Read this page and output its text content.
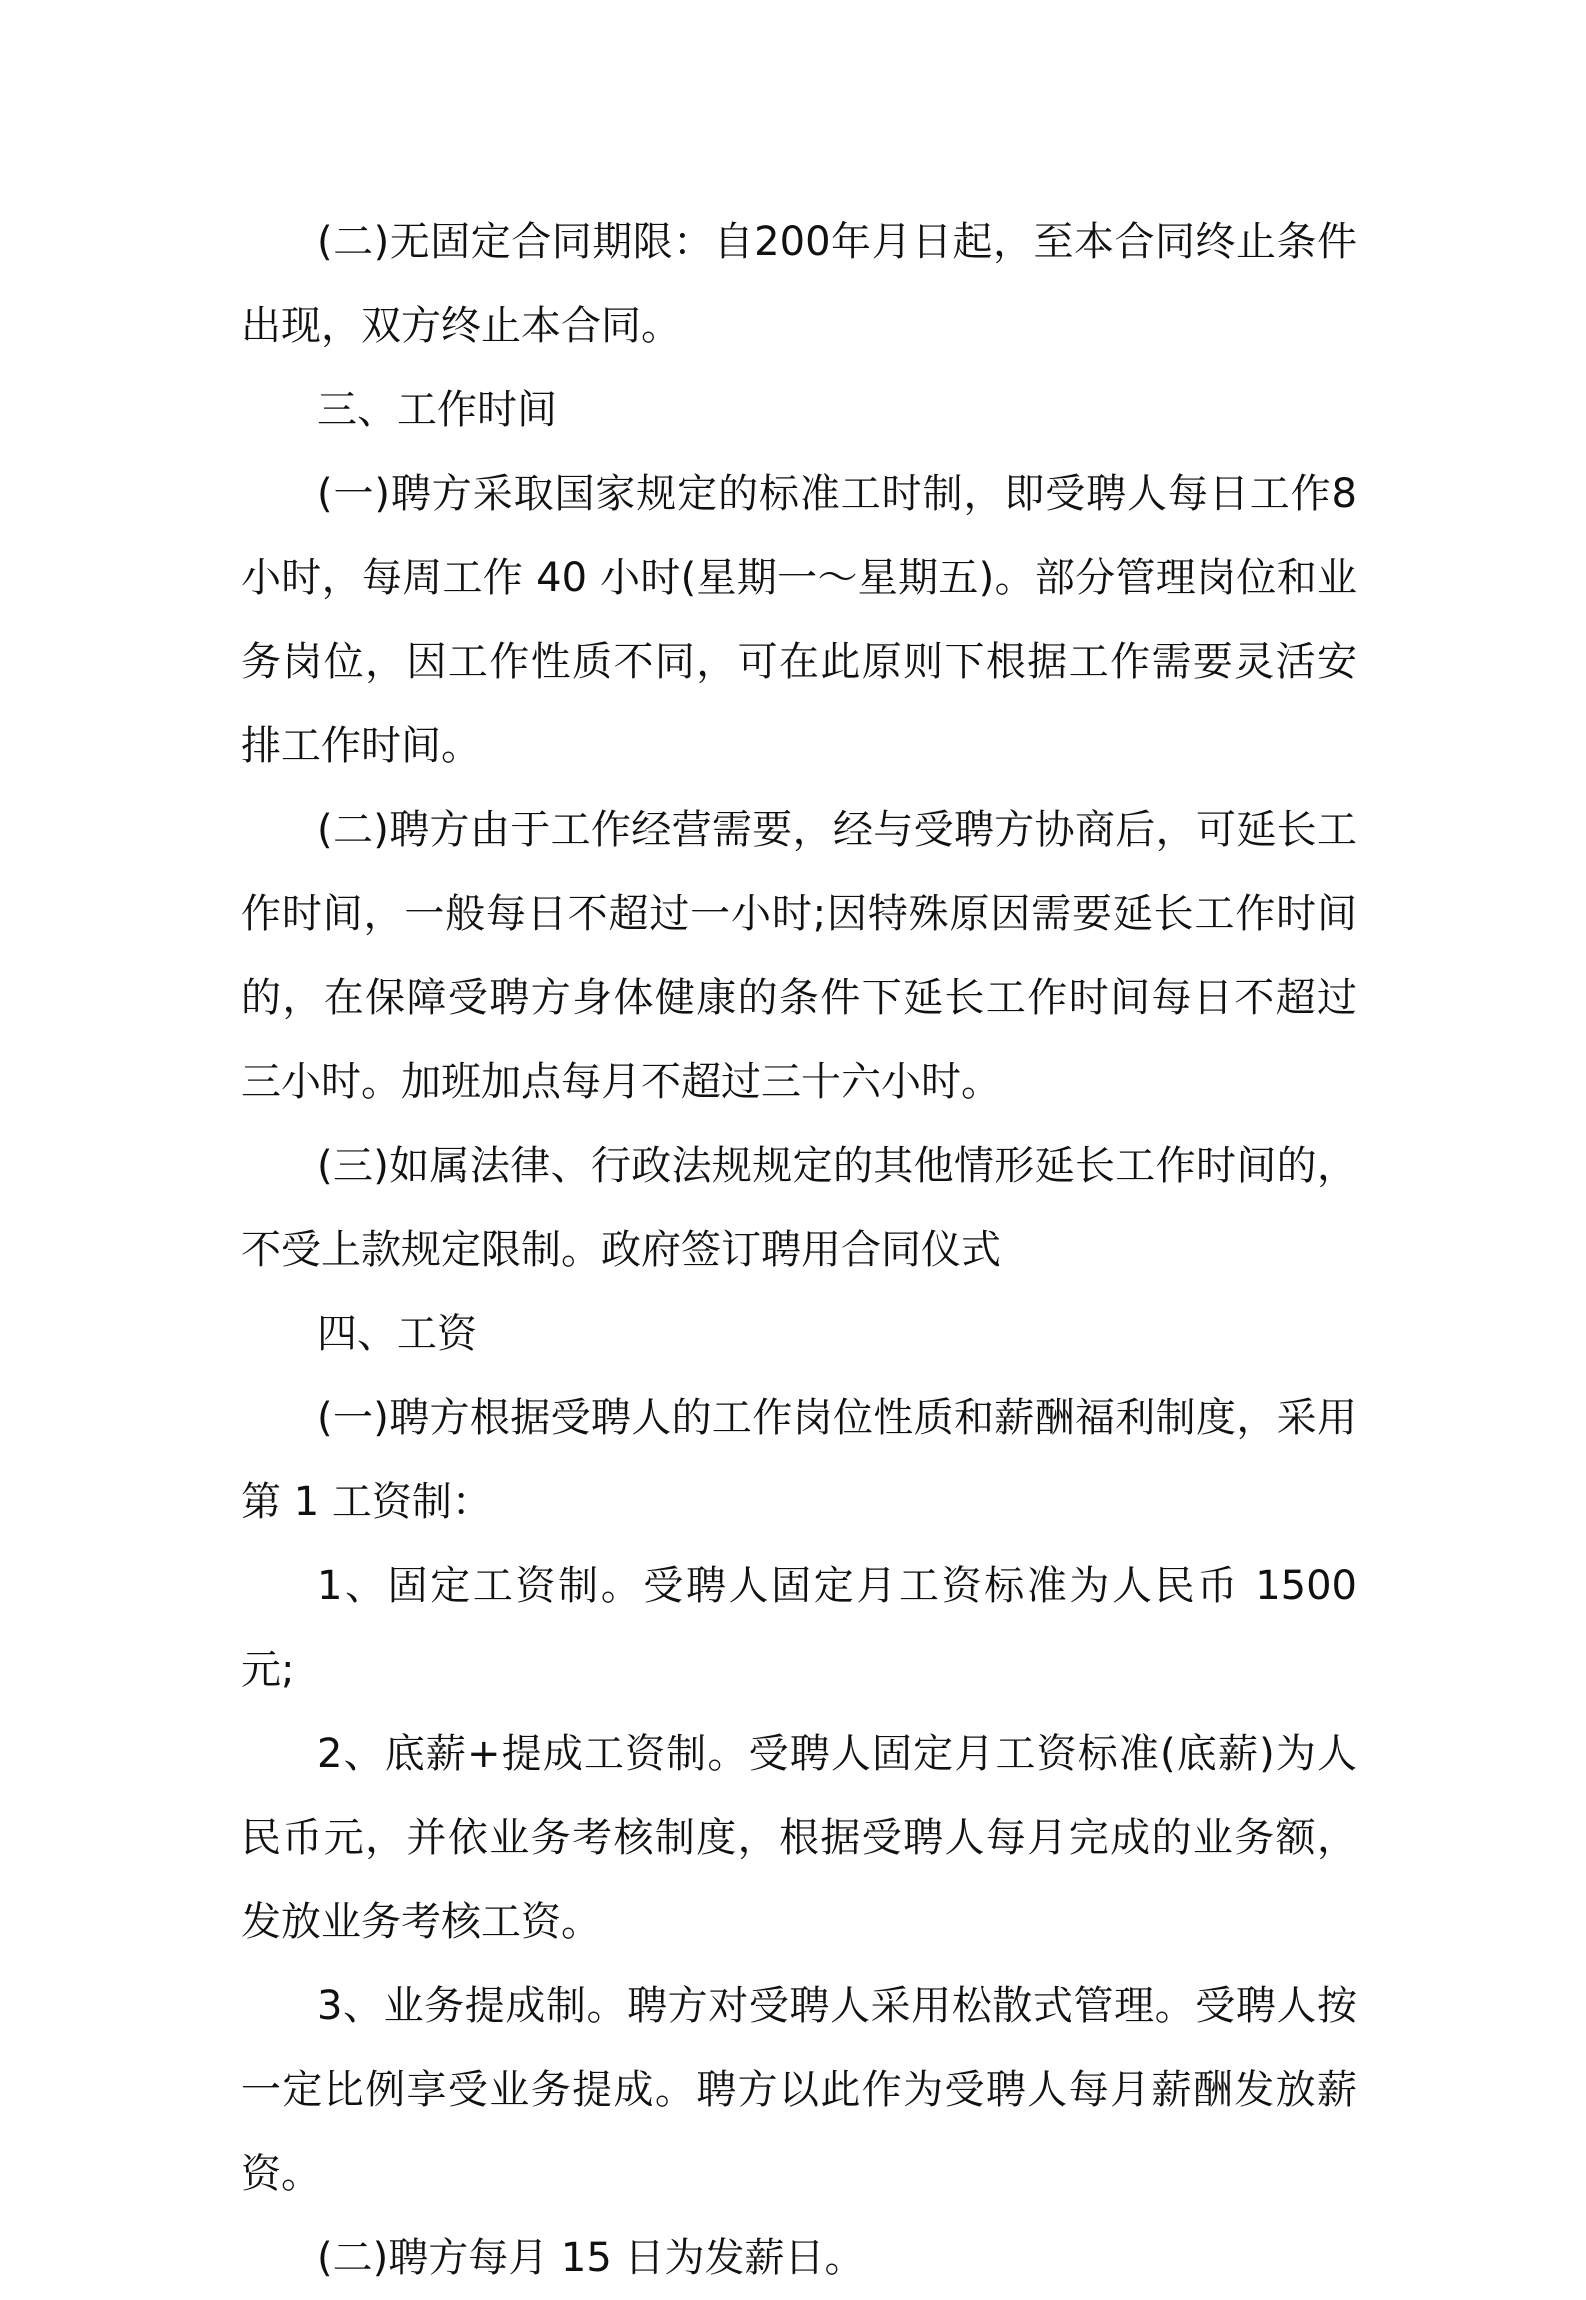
(二)无固定合同期限：自200年月日起，至本合同终止条件出现，双方终止本合同。

三、工作时间

(一)聘方采取国家规定的标准工时制，即受聘人每日工作8小时，每周工作 40 小时(星期一～星期五)。部分管理岗位和业务岗位，因工作性质不同，可在此原则下根据工作需要灵活安排工作时间。

(二)聘方由于工作经营需要，经与受聘方协商后，可延长工作时间，一般每日不超过一小时;因特殊原因需要延长工作时间的，在保障受聘方身体健康的条件下延长工作时间每日不超过三小时。加班加点每月不超过三十六小时。

(三)如属法律、行政法规规定的其他情形延长工作时间的，不受上款规定限制。政府签订聘用合同仪式

四、工资

(一)聘方根据受聘人的工作岗位性质和薪酬福利制度，采用第 1 工资制：

1、固定工资制。受聘人固定月工资标准为人民币 1500 元;

2、底薪+提成工资制。受聘人固定月工资标准(底薪)为人民币元，并依业务考核制度，根据受聘人每月完成的业务额，发放业务考核工资。

3、业务提成制。聘方对受聘人采用松散式管理。受聘人按一定比例享受业务提成。聘方以此作为受聘人每月薪酬发放薪资。

(二)聘方每月 15 日为发薪日。
